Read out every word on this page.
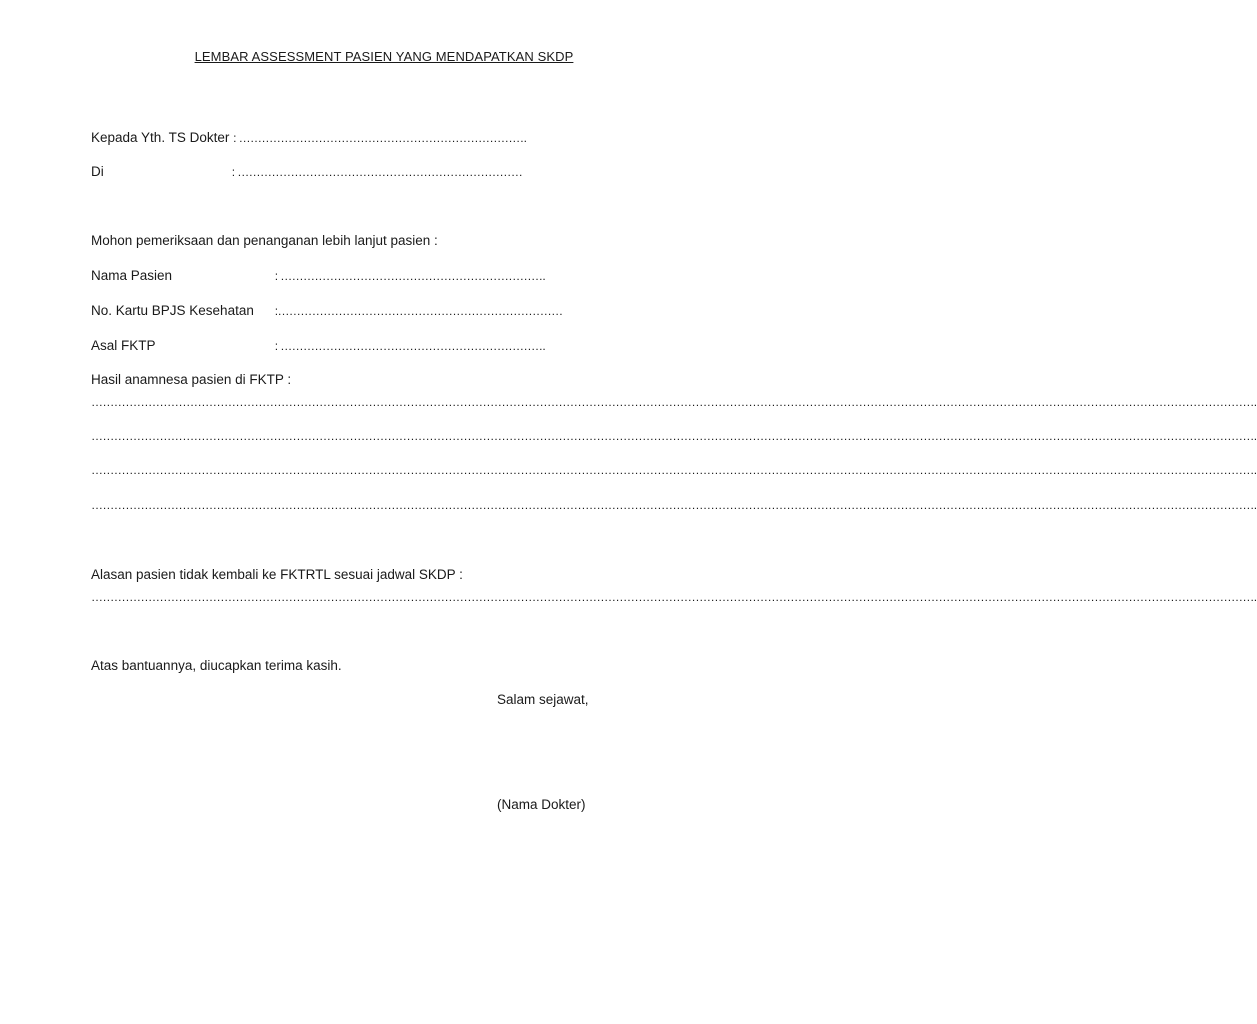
LEMBAR ASSESSMENT PASIEN YANG MENDAPATKAN SKDP
Kepada Yth. TS Dokter : ………………………………………………………………….
Di	: …………………………………………………………………
Mohon pemeriksaan dan penanganan lebih lanjut pasien :
Nama Pasien	: …………………………………………………………….
No. Kartu BPJS Kesehatan :…………………………………………………………………
Asal FKTP	: …………………………………………………………….
Hasil anamnesa pasien di FKTP :
……………………………………………………………………………………………………………………………………………………………………………………………………………………………………………………………………………….
……………………………………………………………………………………………………………………………………………………………………………………………………………………………………………………………………………….
……………………………………………………………………………………………………………………………………………………………………………………………………………………………………………………………………………….
……………………………………………………………………………………………………………………………………………………………………………………………………………………………………………………………………………….
Alasan pasien tidak kembali ke FKTRTL sesuai jadwal SKDP :
……………………………………………………………………………………………………………………………………………………………………………………………………………………………………………………………………………….
Atas bantuannya, diucapkan terima kasih.
Salam sejawat,
(Nama Dokter)
